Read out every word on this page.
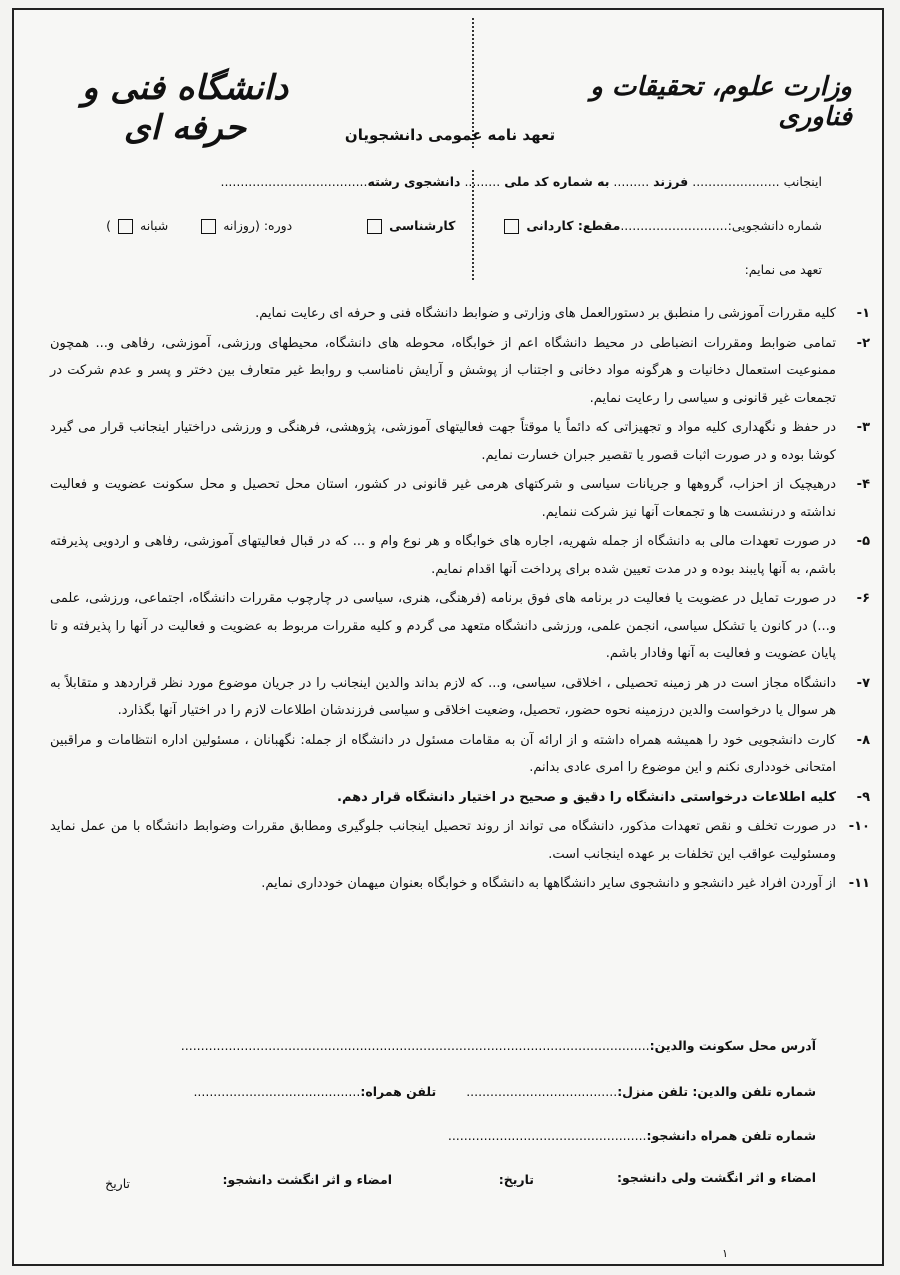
دانشگاه فنی و حرفه ای
وزارت علوم، تحقیقات و فناوری
تعهد نامه عمومی دانشجویان
اینجانب ...................... فرزند ......... به شماره کد ملی ......... دانشجوی رشته.....................................
شماره دانشجویی:...........................مقطع: کاردانی   کارشناسی   دوره: (روزانه   شبانه  )
تعهد می نمایم:
۱-
کلیه مقررات آموزشی را منطبق بر دستورالعمل های وزارتی و ضوابط دانشگاه فنی و حرفه ای رعایت نمایم.
۲-
تمامی ضوابط ومقررات انضباطی در محیط دانشگاه اعم از خوابگاه، محوطه های دانشگاه، محیطهای ورزشی، آموزشی، رفاهی و... همچون ممنوعیت استعمال دخانیات و هرگونه مواد دخانی و اجتناب از پوشش و آرایش نامناسب و روابط غیر متعارف بین دختر و پسر و عدم شرکت در تجمعات غیر قانونی و سیاسی را رعایت نمایم.
۳-
در حفظ و نگهداری کلیه مواد و تجهیزاتی که دائماً یا موقتاً جهت فعالیتهای آموزشی، پژوهشی، فرهنگی و ورزشی دراختیار اینجانب قرار می گیرد کوشا بوده و در صورت اثبات قصور یا تقصیر جبران خسارت نمایم.
۴-
درهیچیک از احزاب، گروهها و جریانات سیاسی و شرکتهای هرمی غیر قانونی در کشور، استان محل تحصیل و محل سکونت عضویت و فعالیت نداشته و درنشست ها و تجمعات آنها نیز شرکت ننمایم.
۵-
در صورت تعهدات مالی به دانشگاه از جمله شهریه، اجاره های خوابگاه و هر نوع وام و ... که در قبال فعالیتهای آموزشی، رفاهی و اردویی پذیرفته باشم، به آنها پایبند بوده و در مدت تعیین شده برای پرداخت آنها اقدام نمایم.
۶-
در صورت تمایل در عضویت یا فعالیت در برنامه های فوق برنامه (فرهنگی، هنری، سیاسی در چارچوب مقررات دانشگاه، اجتماعی، ورزشی، علمی و...) در کانون یا تشکل سیاسی، انجمن علمی، ورزشی دانشگاه متعهد می گردم و کلیه مقررات مربوط به عضویت و فعالیت در آنها را پذیرفته و تا پایان عضویت و فعالیت به آنها وفادار باشم.
۷-
دانشگاه مجاز است در هر زمینه تحصیلی ، اخلاقی، سیاسی، و... که لازم بداند والدین اینجانب را در جریان موضوع مورد نظر قراردهد و متقابلاً به هر سوال یا درخواست والدین درزمینه نحوه حضور، تحصیل، وضعیت اخلاقی و سیاسی فرزندشان اطلاعات لازم را در اختیار آنها بگذارد.
۸-
کارت دانشجویی خود را همیشه همراه داشته و از ارائه آن به مقامات مسئول در دانشگاه از جمله: نگهبانان ، مسئولین اداره انتظامات و مراقبین امتحانی خودداری نکنم و این موضوع را امری عادی بدانم.
۹-
کلیه اطلاعات درخواستی دانشگاه را دقیق و صحیح در اختیار دانشگاه قرار دهم.
۱۰-
در صورت تخلف و نقص تعهدات مذکور، دانشگاه می تواند از روند تحصیل اینجانب جلوگیری ومطابق مقررات وضوابط دانشگاه با من عمل نماید ومسئولیت عواقب این تخلفات بر عهده اینجانب است.
۱۱-
از آوردن افراد غیر دانشجو و دانشجوی سایر دانشگاهها به دانشگاه و خوابگاه بعنوان میهمان خودداری نمایم.
آدرس محل سکونت والدین:......................................................................................................................
شماره تلفن والدین: تلفن منزل:......................................  تلفن همراه:..........................................
شماره تلفن همراه دانشجو:..................................................
امضاء و اثر انگشت ولی دانشجو:
تاریخ:
امضاء و اثر انگشت دانشجو:
تاریخ
۱
